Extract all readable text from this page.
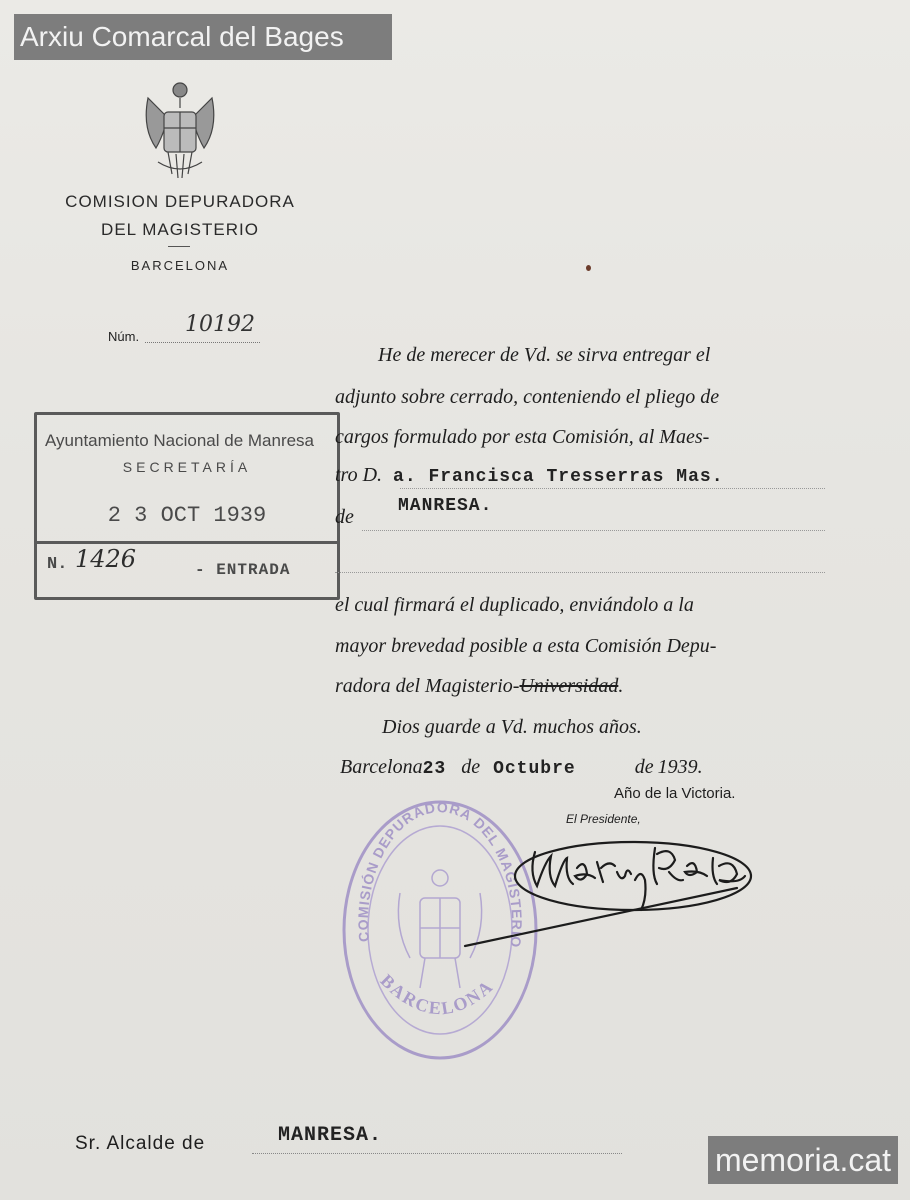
Arxiu Comarcal del Bages
memoria.cat
COMISION DEPURADORA
DEL MAGISTERIO
BARCELONA
Núm. 10192
Ayuntamiento Nacional de Manresa
SECRETARÍA
2 3 OCT 1939
N. 1426	- ENTRADA
He de merecer de Vd. se sirva entregar el
adjunto sobre cerrado, conteniendo el pliego de
cargos formulado por esta Comisión, al Maes-
tro D. a. Francisca Tresserras Mas.
de	MANRESA.
el cual firmará el duplicado, enviándolo a la
mayor brevedad posible a esta Comisión Depu-
radora del Magisterio-Universidad.
Dios guarde a Vd. muchos años.
Barcelona23 de Octubre	de 1939.
Año de la Victoria.
El Presidente,
COMISIÓN DEPURADORA DEL MAGISTERIO
BARCELONA
Sr. Alcalde de	MANRESA.
